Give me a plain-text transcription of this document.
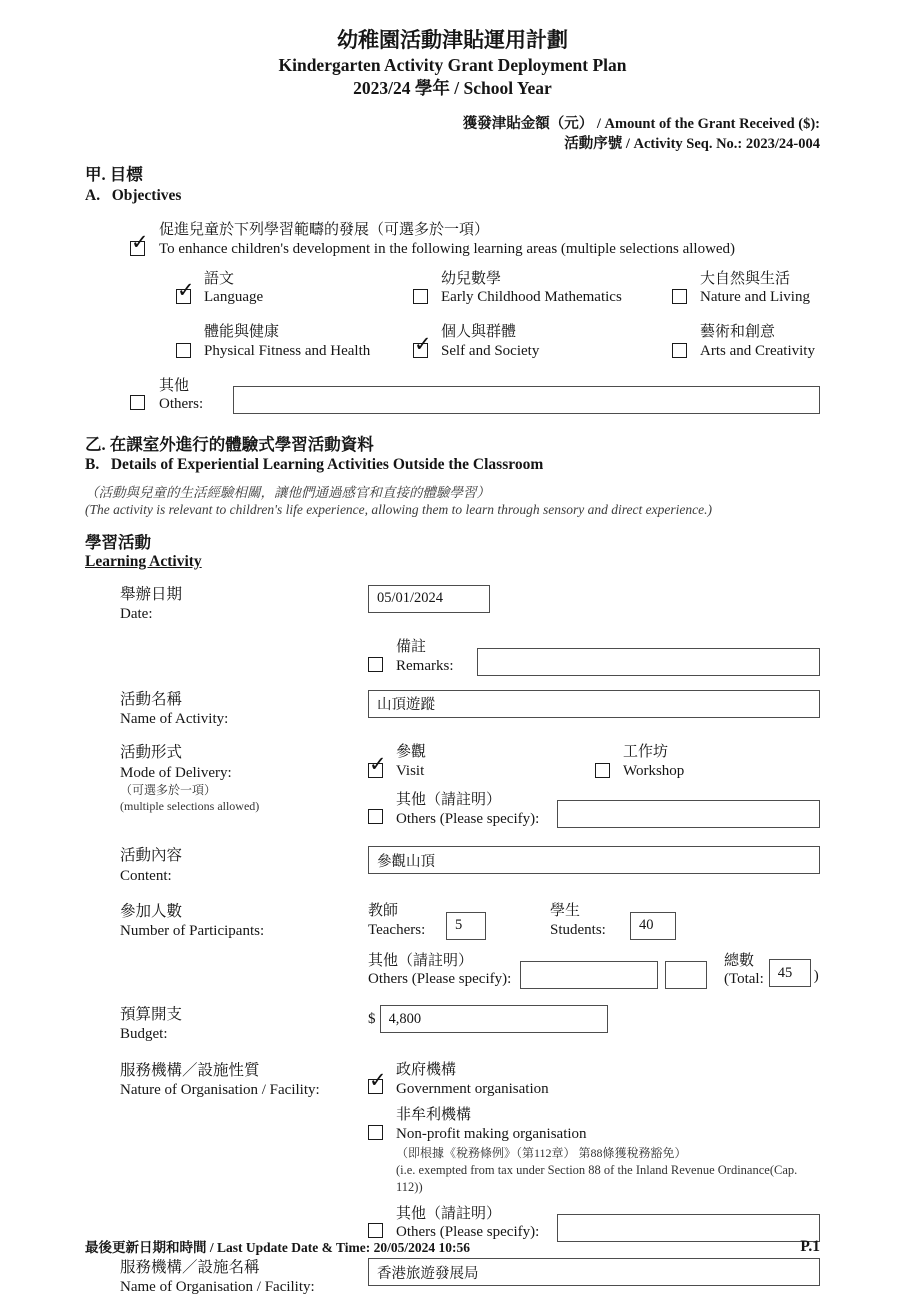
幼稚園活動津貼運用計劃
Kindergarten Activity Grant Deployment Plan
2023/24 學年 / School Year
獲發津貼金額（元） / Amount of the Grant Received ($):
活動序號 / Activity Seq. No.: 2023/24-004
甲. 目標
A.   Objectives
✓
促進兒童於下列學習範疇的發展（可選多於一項）
To enhance children's development in the following learning areas (multiple selections allowed)
✓
語文
Language
幼兒數學
Early Childhood Mathematics
大自然與生活
Nature and Living
體能與健康
Physical Fitness and Health
✓
個人與群體
Self and Society
藝術和創意
Arts and Creativity
其他
Others:
乙. 在課室外進行的體驗式學習活動資料
B.   Details of Experiential Learning Activities Outside the Classroom
（活動與兒童的生活經驗相關，讓他們通過感官和直接的體驗學習）
(The activity is relevant to children's life experience, allowing them to learn through sensory and direct experience.)
學習活動
Learning Activity
舉辦日期
Date:
05/01/2024
備註
Remarks:
活動名稱
Name of Activity:
山頂遊蹤
活動形式
Mode of Delivery:
（可選多於一項）
(multiple selections allowed)
✓
參觀
Visit
工作坊
Workshop
其他（請註明）
Others (Please specify):
活動內容
Content:
參觀山頂
參加人數
Number of Participants:
教師
Teachers:
5
學生
Students:
40
其他（請註明）
Others (Please specify):
總數
(Total:
45	)
預算開支
Budget:
$
4,800
服務機構／設施性質
Nature of Organisation / Facility:
✓
政府機構
Government organisation
非牟利機構
Non-profit making organisation
（即根據《稅務條例》（第112章） 第88條獲稅務豁免）
(i.e. exempted from tax under Section 88 of the Inland Revenue Ordinance(Cap. 112))
其他（請註明）
Others (Please specify):
服務機構／設施名稱
Name of Organisation / Facility:
香港旅遊發展局
最後更新日期和時間 / Last Update Date & Time: 20/05/2024 10:56	P.1
